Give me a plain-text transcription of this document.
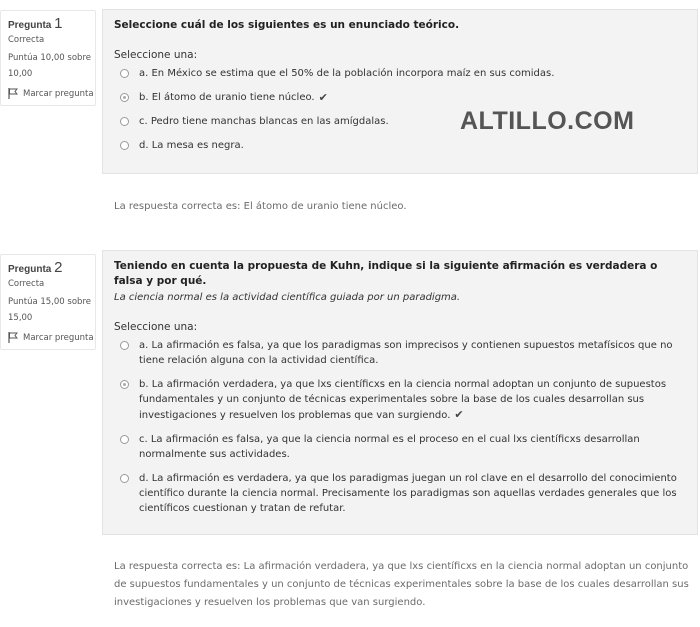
Pregunta 1
Correcta
Puntúa 10,00 sobre
10,00
Marcar pregunta
Seleccione cuál de los siguientes es un enunciado teórico.
Seleccione una:
a. En México se estima que el 50% de la población incorpora maíz en sus comidas.
b. El átomo de uranio tiene núcleo. ✔
c. Pedro tiene manchas blancas en las amígdalas.
d. La mesa es negra.
ALTILLO.COM
La respuesta correcta es: El átomo de uranio tiene núcleo.
Pregunta 2
Correcta
Puntúa 15,00 sobre
15,00
Marcar pregunta
Teniendo en cuenta la propuesta de Kuhn, indique si la siguiente afirmación es verdadera o falsa y por qué.
La ciencia normal es la actividad científica guiada por un paradigma.
Seleccione una:
a. La afirmación es falsa, ya que los paradigmas son imprecisos y contienen supuestos metafísicos que no tiene relación alguna con la actividad científica.
b. La afirmación verdadera, ya que lxs científicxs en la ciencia normal adoptan un conjunto de supuestos fundamentales y un conjunto de técnicas experimentales sobre la base de los cuales desarrollan sus investigaciones y resuelven los problemas que van surgiendo. ✔
c. La afirmación es falsa, ya que la ciencia normal es el proceso en el cual lxs científicxs desarrollan normalmente sus actividades.
d. La afirmación es verdadera, ya que los paradigmas juegan un rol clave en el desarrollo del conocimiento científico durante la ciencia normal. Precisamente los paradigmas son aquellas verdades generales que los científicos cuestionan y tratan de refutar.
La respuesta correcta es: La afirmación verdadera, ya que lxs científicxs en la ciencia normal adoptan un conjunto de supuestos fundamentales y un conjunto de técnicas experimentales sobre la base de los cuales desarrollan sus investigaciones y resuelven los problemas que van surgiendo.
